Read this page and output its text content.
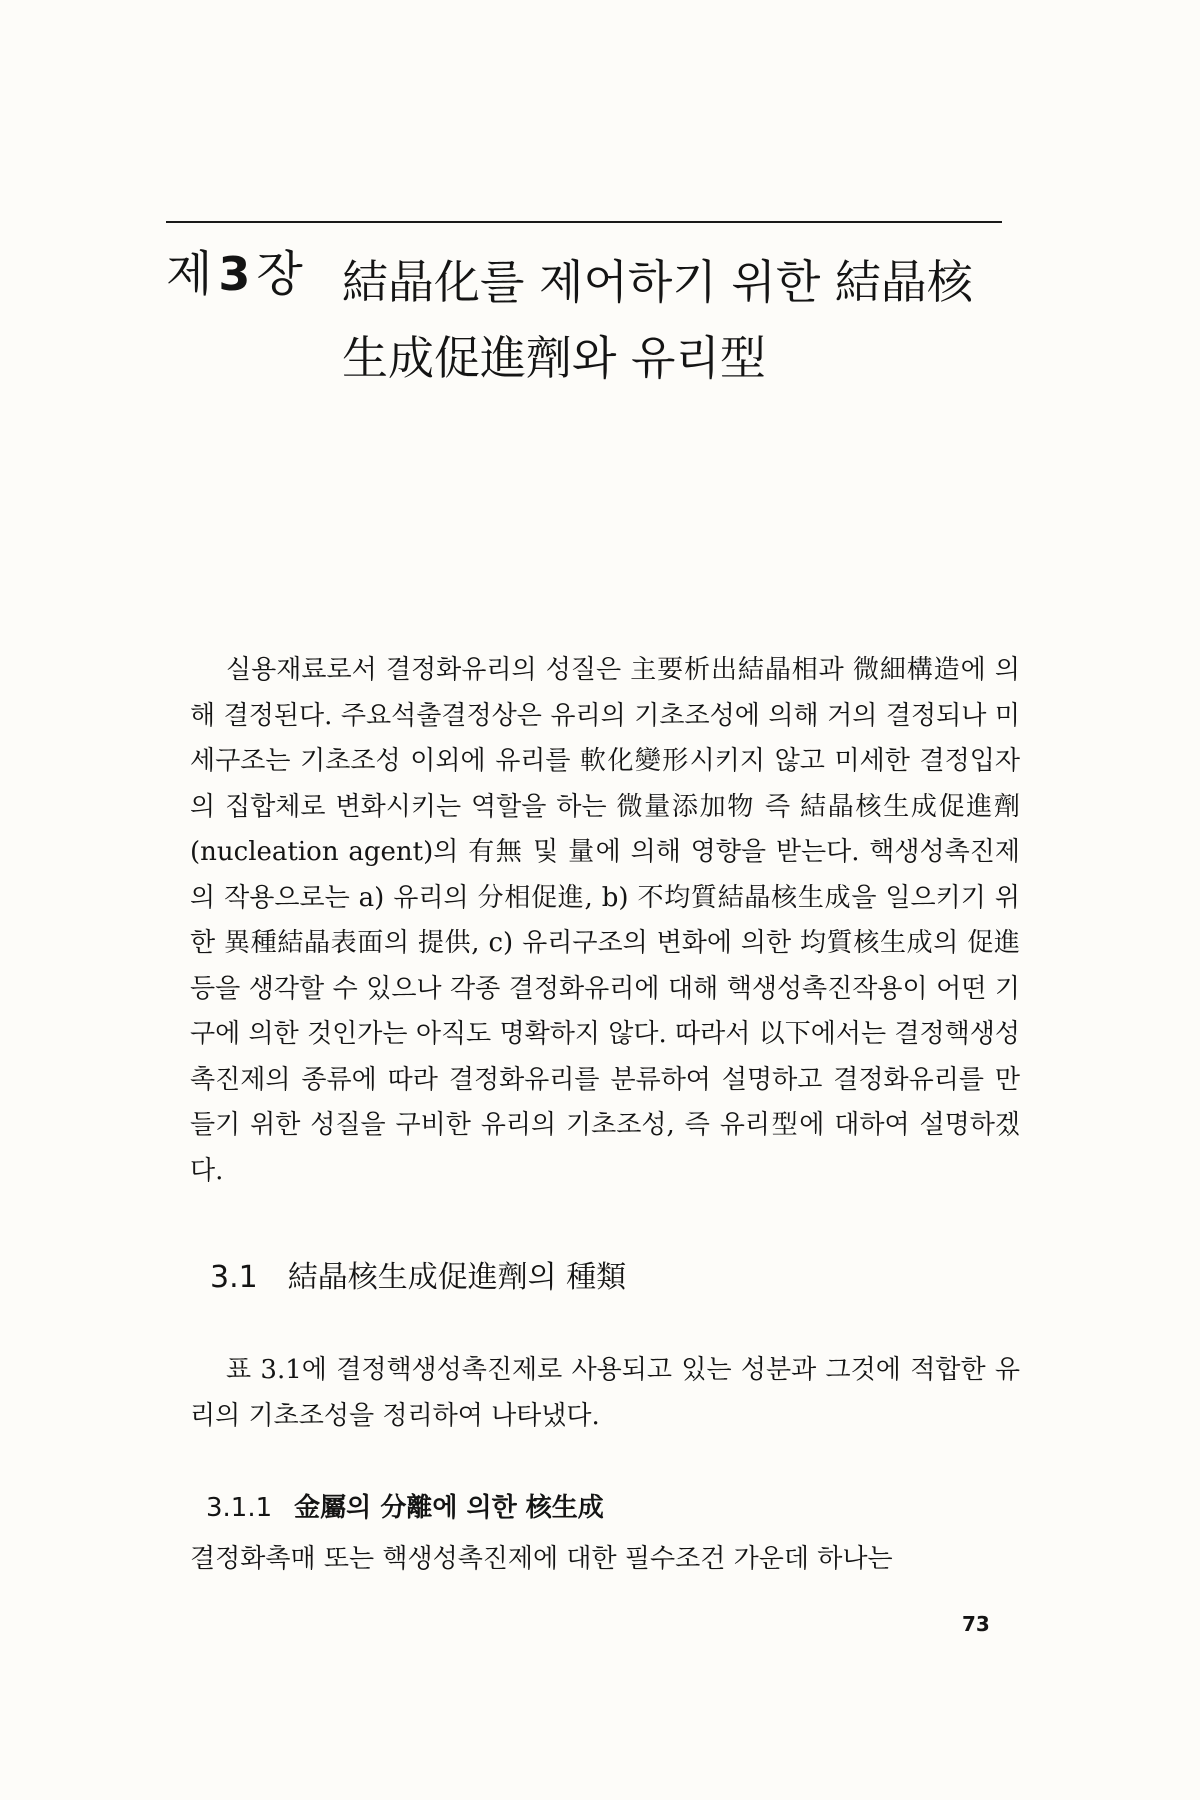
제 3 장 結晶化를 제어하기 위한 結晶核
生成促進劑와 유리型

실용재료로서 결정화유리의 성질은 主要析出結晶相과 微細構造에 의해 결정된다. 주요석출결정상은 유리의 기초조성에 의해 거의 결정되나 미세구조는 기초조성 이외에 유리를 軟化變形시키지 않고 미세한 결정입자의 집합체로 변화시키는 역할을 하는 微量添加物 즉 結晶核生成促進劑(nucleation agent)의 有無 및 量에 의해 영향을 받는다. 핵생성촉진제의 작용으로는 a) 유리의 分相促進, b) 不均質結晶核生成을 일으키기 위한 異種結晶表面의 提供, c) 유리구조의 변화에 의한 均質核生成의 促進 등을 생각할 수 있으나 각종 결정화유리에 대해 핵생성촉진작용이 어떤 기구에 의한 것인가는 아직도 명확하지 않다. 따라서 以下에서는 결정핵생성촉진제의 종류에 따라 결정화유리를 분류하여 설명하고 결정화유리를 만들기 위한 성질을 구비한 유리의 기초조성, 즉 유리型에 대하여 설명하겠다.

3.1 結晶核生成促進劑의 種類

표 3.1에 결정핵생성촉진제로 사용되고 있는 성분과 그것에 적합한 유리의 기초조성을 정리하여 나타냈다.

3.1.1 金屬의 分離에 의한 核生成

결정화촉매 또는 핵생성촉진제에 대한 필수조건 가운데 하나는

73
